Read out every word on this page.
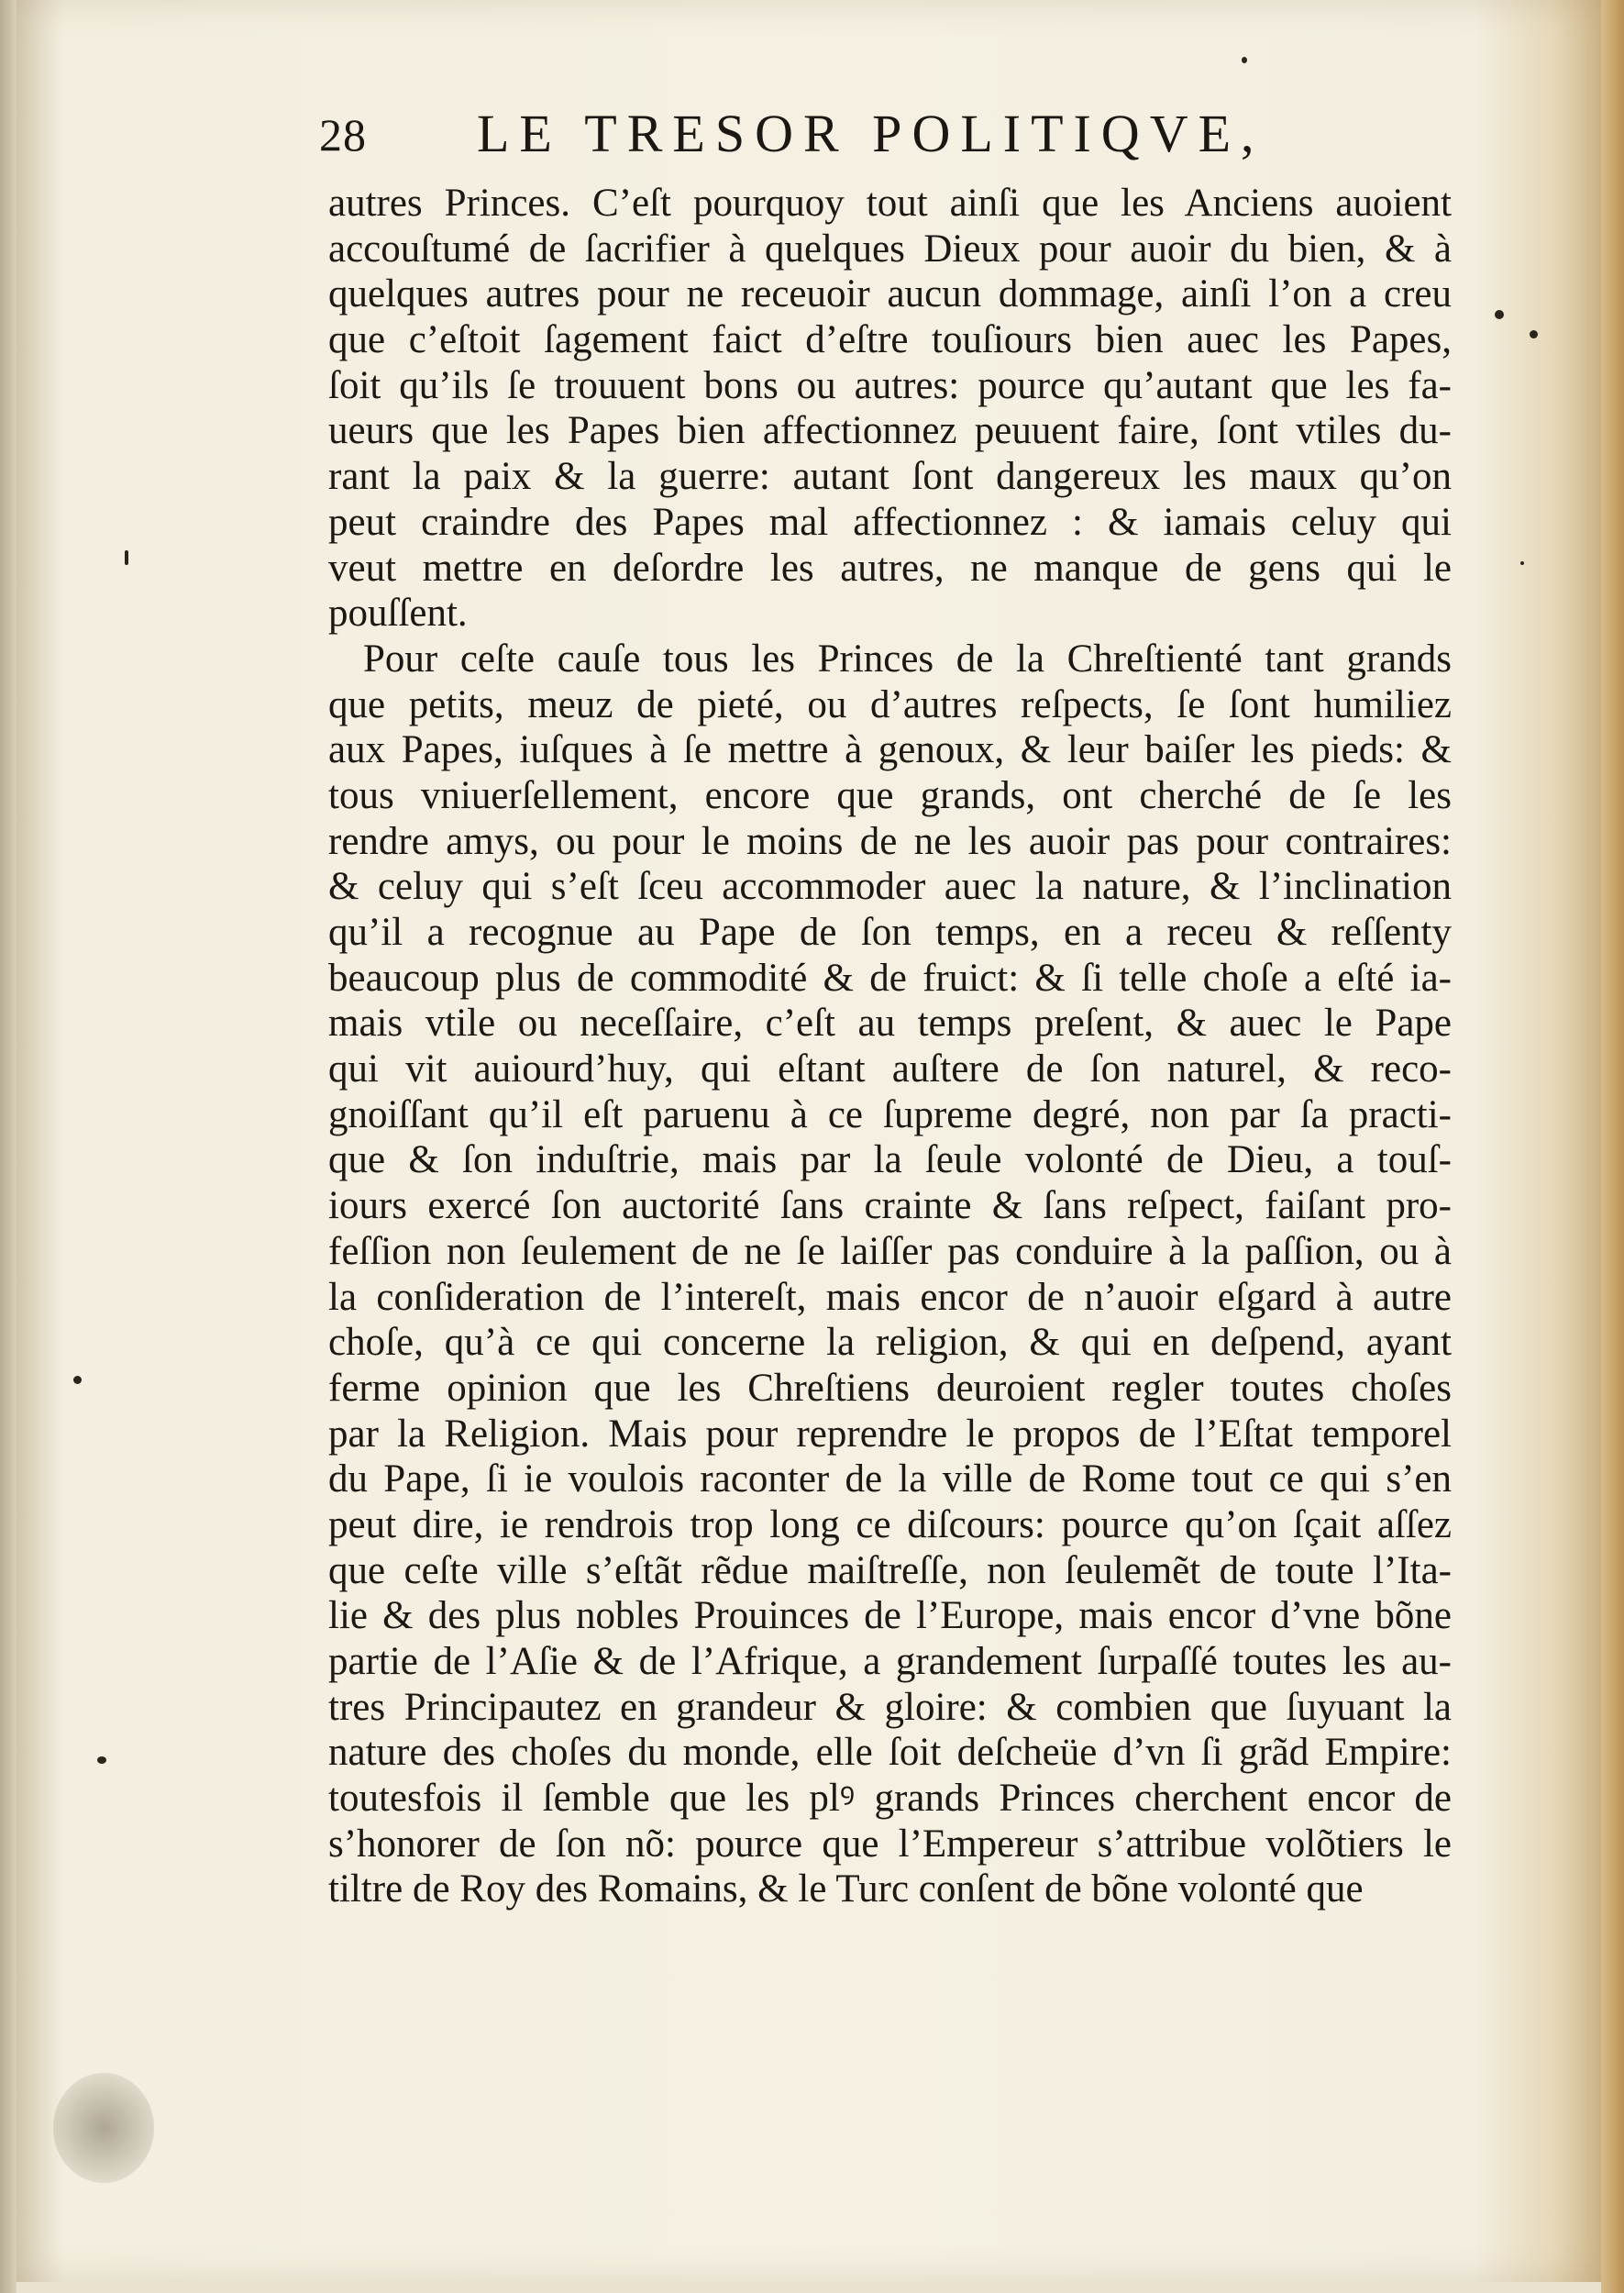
28 LE TRESOR POLITIQVE,
autres Princes. C’eſt pourquoy tout ainſi que les Anciens auoient
accouſtumé de ſacrifier à quelques Dieux pour auoir du bien, & à
quelques autres pour ne receuoir aucun dommage, ainſi l’on a creu
que c’eſtoit ſagement faict d’eſtre touſiours bien auec les Papes,
ſoit qu’ils ſe trouuent bons ou autres: pource qu’autant que les fa-
ueurs que les Papes bien affectionnez peuuent faire, ſont vtiles du-
rant la paix & la guerre: autant ſont dangereux les maux qu’on
peut craindre des Papes mal affectionnez : & iamais celuy qui
veut mettre en deſordre les autres, ne manque de gens qui le
pouſſent.
Pour ceſte cauſe tous les Princes de la Chreſtienté tant grands
que petits, meuz de pieté, ou d’autres reſpects, ſe ſont humiliez
aux Papes, iuſques à ſe mettre à genoux, & leur baiſer les pieds: &
tous vniuerſellement, encore que grands, ont cherché de ſe les
rendre amys, ou pour le moins de ne les auoir pas pour contraires:
& celuy qui s’eſt ſceu accommoder auec la nature, & l’inclination
qu’il a recognue au Pape de ſon temps, en a receu & reſſenty
beaucoup plus de commodité & de fruict: & ſi telle choſe a eſté ia-
mais vtile ou neceſſaire, c’eſt au temps preſent, & auec le Pape
qui vit auiourd’huy, qui eſtant auſtere de ſon naturel, & reco-
gnoiſſant qu’il eſt paruenu à ce ſupreme degré, non par ſa practi-
que & ſon induſtrie, mais par la ſeule volonté de Dieu, a touſ-
iours exercé ſon auctorité ſans crainte & ſans reſpect, faiſant pro-
feſſion non ſeulement de ne ſe laiſſer pas conduire à la paſſion, ou à
la conſideration de l’intereſt, mais encor de n’auoir eſgard à autre
choſe, qu’à ce qui concerne la religion, & qui en deſpend, ayant
ferme opinion que les Chreſtiens deuroient regler toutes choſes
par la Religion. Mais pour reprendre le propos de l’Eſtat temporel
du Pape, ſi ie voulois raconter de la ville de Rome tout ce qui s’en
peut dire, ie rendrois trop long ce diſcours: pource qu’on ſçait aſſez
que ceſte ville s’eſtãt rẽdue maiſtreſſe, non ſeulemẽt de toute l’Ita-
lie & des plus nobles Prouinces de l’Europe, mais encor d’vne bõne
partie de l’Aſie & de l’Afrique, a grandement ſurpaſſé toutes les au-
tres Principautez en grandeur & gloire: & combien que ſuyuant la
nature des choſes du monde, elle ſoit deſcheüe d’vn ſi grãd Empire:
toutesfois il ſemble que les plꝰ grands Princes cherchent encor de
s’honorer de ſon nõ: pource que l’Empereur s’attribue volõtiers le
tiltre de Roy des Romains, & le Turc conſent de bõne volonté que
